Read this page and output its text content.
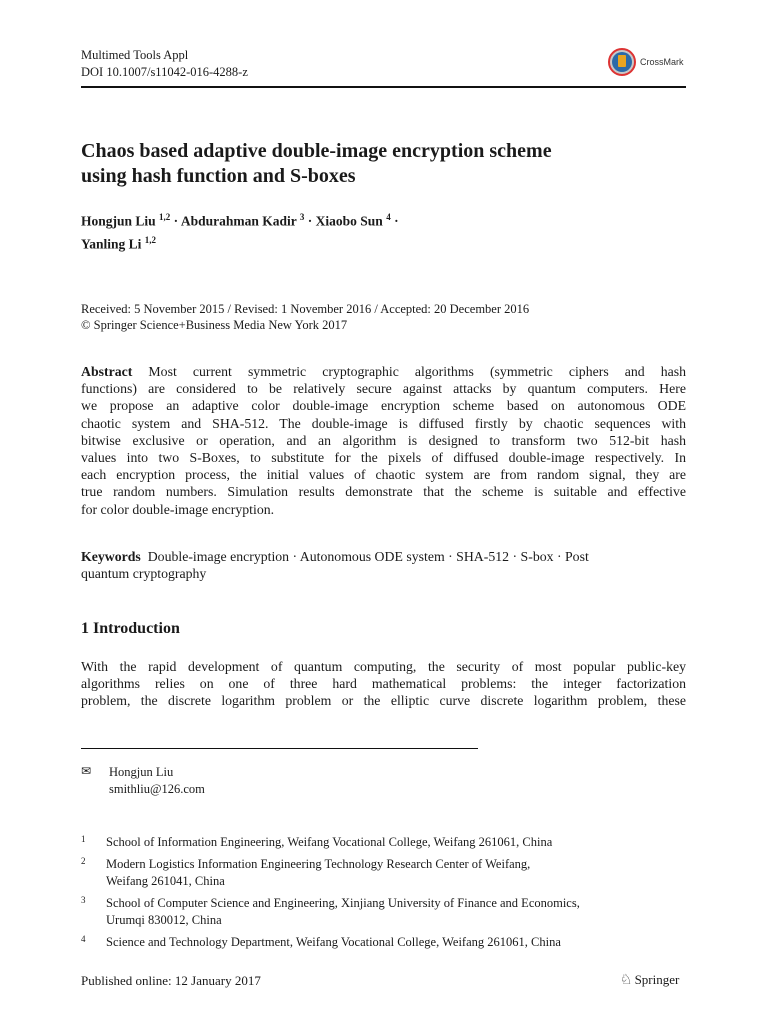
Multimed Tools Appl
DOI 10.1007/s11042-016-4288-z
CrossMark
Chaos based adaptive double-image encryption scheme
using hash function and S-boxes
Hongjun Liu $^{1,2}$ · Abdurahman Kadir $^3$ · Xiaobo Sun $^4$ ·
Yanling Li $^{1,2}$
Received: 5 November 2015 / Revised: 1 November 2016 / Accepted: 20 December 2016
© Springer Science+Business Media New York 2017
Abstract Most current symmetric cryptographic algorithms (symmetric ciphers and hash
functions) are considered to be relatively secure against attacks by quantum computers. Here
we propose an adaptive color double-image encryption scheme based on autonomous ODE
chaotic system and SHA-512. The double-image is diffused firstly by chaotic sequences with
bitwise exclusive or operation, and an algorithm is designed to transform two 512-bit hash
values into two S-Boxes, to substitute for the pixels of diffused double-image respectively. In
each encryption process, the initial values of chaotic system are from random signal, they are
true random numbers. Simulation results demonstrate that the scheme is suitable and effective
for color double-image encryption.
Keywords Double-image encryption · Autonomous ODE system · SHA-512 · S-box · Post
quantum cryptography
1 Introduction
With the rapid development of quantum computing, the security of most popular public-key
algorithms relies on one of three hard mathematical problems: the integer factorization
problem, the discrete logarithm problem or the elliptic curve discrete logarithm problem, these
✉ Hongjun Liu
smithliu@126.com
1 School of Information Engineering, Weifang Vocational College, Weifang 261061, China
2 Modern Logistics Information Engineering Technology Research Center of Weifang,
Weifang 261041, China
3 School of Computer Science and Engineering, Xinjiang University of Finance and Economics,
Urumqi 830012, China
4 Science and Technology Department, Weifang Vocational College, Weifang 261061, China
Published online: 12 January 2017	♘ Springer
